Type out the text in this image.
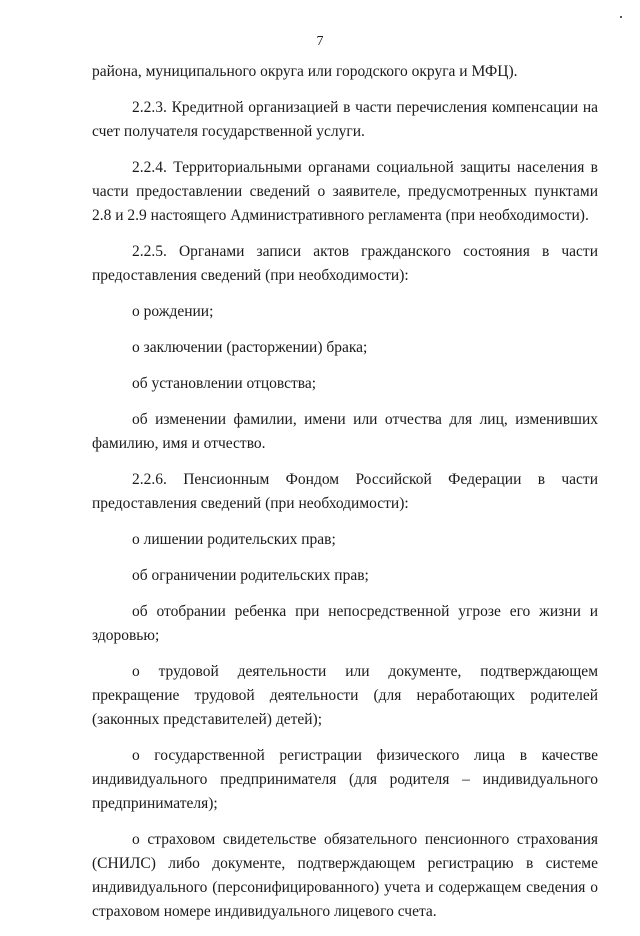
7

района, муниципального округа или городского округа и МФЦ).

2.2.3. Кредитной организацией в части перечисления компенсации на счет получателя государственной услуги.

2.2.4. Территориальными органами социальной защиты населения в части предоставлении сведений о заявителе, предусмотренных пунктами 2.8 и 2.9 настоящего Административного регламента (при необходимости).

2.2.5. Органами записи актов гражданского состояния в части предоставления сведений (при необходимости):

о рождении;

о заключении (расторжении) брака;

об установлении отцовства;

об изменении фамилии, имени или отчества для лиц, изменивших фамилию, имя и отчество.

2.2.6. Пенсионным Фондом Российской Федерации в части предоставления сведений (при необходимости):

о лишении родительских прав;

об ограничении родительских прав;

об отобрании ребенка при непосредственной угрозе его жизни и здоровью;

о трудовой деятельности или документе, подтверждающем прекращение трудовой деятельности (для неработающих родителей (законных представителей) детей);

о государственной регистрации физического лица в качестве индивидуального предпринимателя (для родителя – индивидуального предпринимателя);

о страховом свидетельстве обязательного пенсионного страхования (СНИЛС) либо документе, подтверждающем регистрацию в системе индивидуального (персонифицированного) учета и содержащем сведения о страховом номере индивидуального лицевого счета.
